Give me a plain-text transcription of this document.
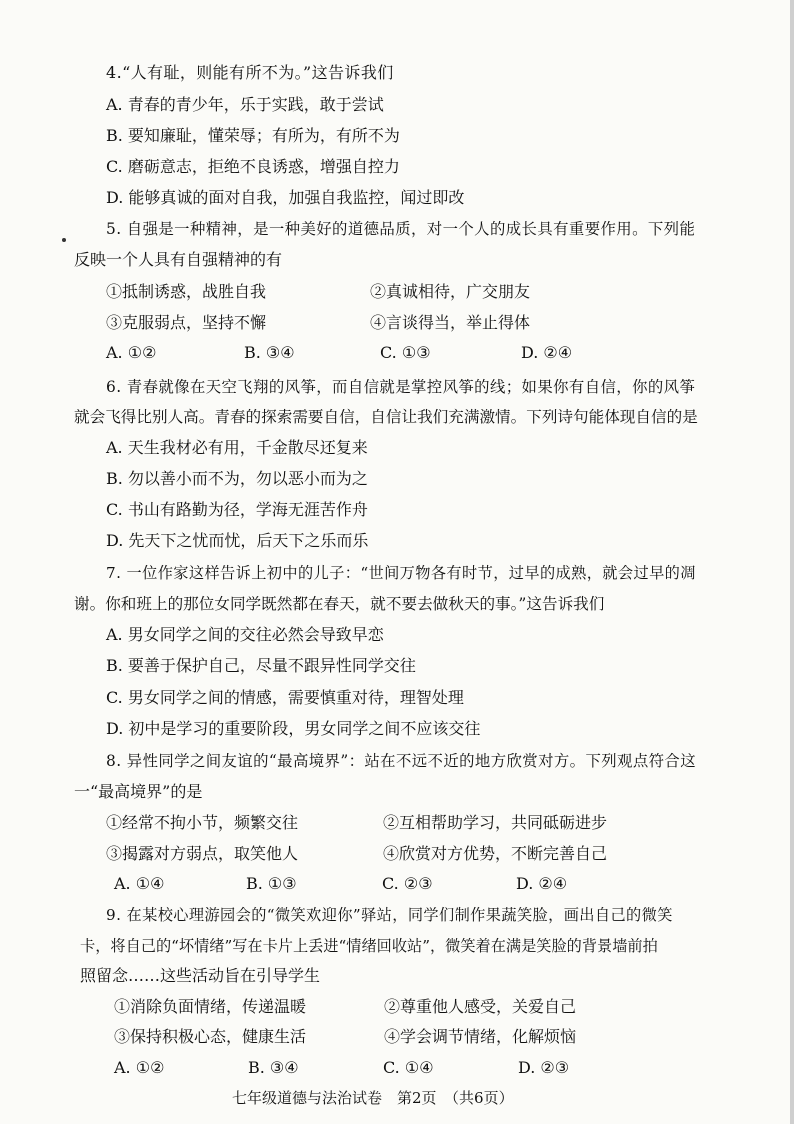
4.“人有耻，则能有所不为。”这告诉我们
A. 青春的青少年，乐于实践，敢于尝试
B. 要知廉耻，懂荣辱；有所为，有所不为
C. 磨砺意志，拒绝不良诱惑，增强自控力
D. 能够真诚的面对自我，加强自我监控，闻过即改
5. 自强是一种精神，是一种美好的道德品质，对一个人的成长具有重要作用。下列能
反映一个人具有自强精神的有
①抵制诱惑，战胜自我	②真诚相待，广交朋友
③克服弱点，坚持不懈	④言谈得当，举止得体
A. ①②	B. ③④	C. ①③	D. ②④
6. 青春就像在天空飞翔的风筝，而自信就是掌控风筝的线；如果你有自信，你的风筝
就会飞得比别人高。青春的探索需要自信，自信让我们充满激情。下列诗句能体现自信的是
A. 天生我材必有用，千金散尽还复来
B. 勿以善小而不为，勿以恶小而为之
C. 书山有路勤为径，学海无涯苦作舟
D. 先天下之忧而忧，后天下之乐而乐
7. 一位作家这样告诉上初中的儿子：“世间万物各有时节，过早的成熟，就会过早的凋
谢。你和班上的那位女同学既然都在春天，就不要去做秋天的事。”这告诉我们
A. 男女同学之间的交往必然会导致早恋
B. 要善于保护自己，尽量不跟异性同学交往
C. 男女同学之间的情感，需要慎重对待，理智处理
D. 初中是学习的重要阶段，男女同学之间不应该交往
8. 异性同学之间友谊的“最高境界”：站在不远不近的地方欣赏对方。下列观点符合这
一“最高境界”的是
①经常不拘小节，频繁交往	②互相帮助学习，共同砥砺进步
③揭露对方弱点，取笑他人	④欣赏对方优势，不断完善自己
A. ①④	B. ①③	C. ②③	D. ②④
9. 在某校心理游园会的“微笑欢迎你”驿站，同学们制作果蔬笑脸，画出自己的微笑
卡，将自己的“坏情绪”写在卡片上丢进“情绪回收站”，微笑着在满是笑脸的背景墙前拍
照留念……这些活动旨在引导学生
①消除负面情绪，传递温暖	②尊重他人感受，关爱自己
③保持积极心态，健康生活	④学会调节情绪，化解烦恼
A. ①②	B. ③④	C. ①④	D. ②③
七年级道德与法治试卷　第2页　（共6页）
